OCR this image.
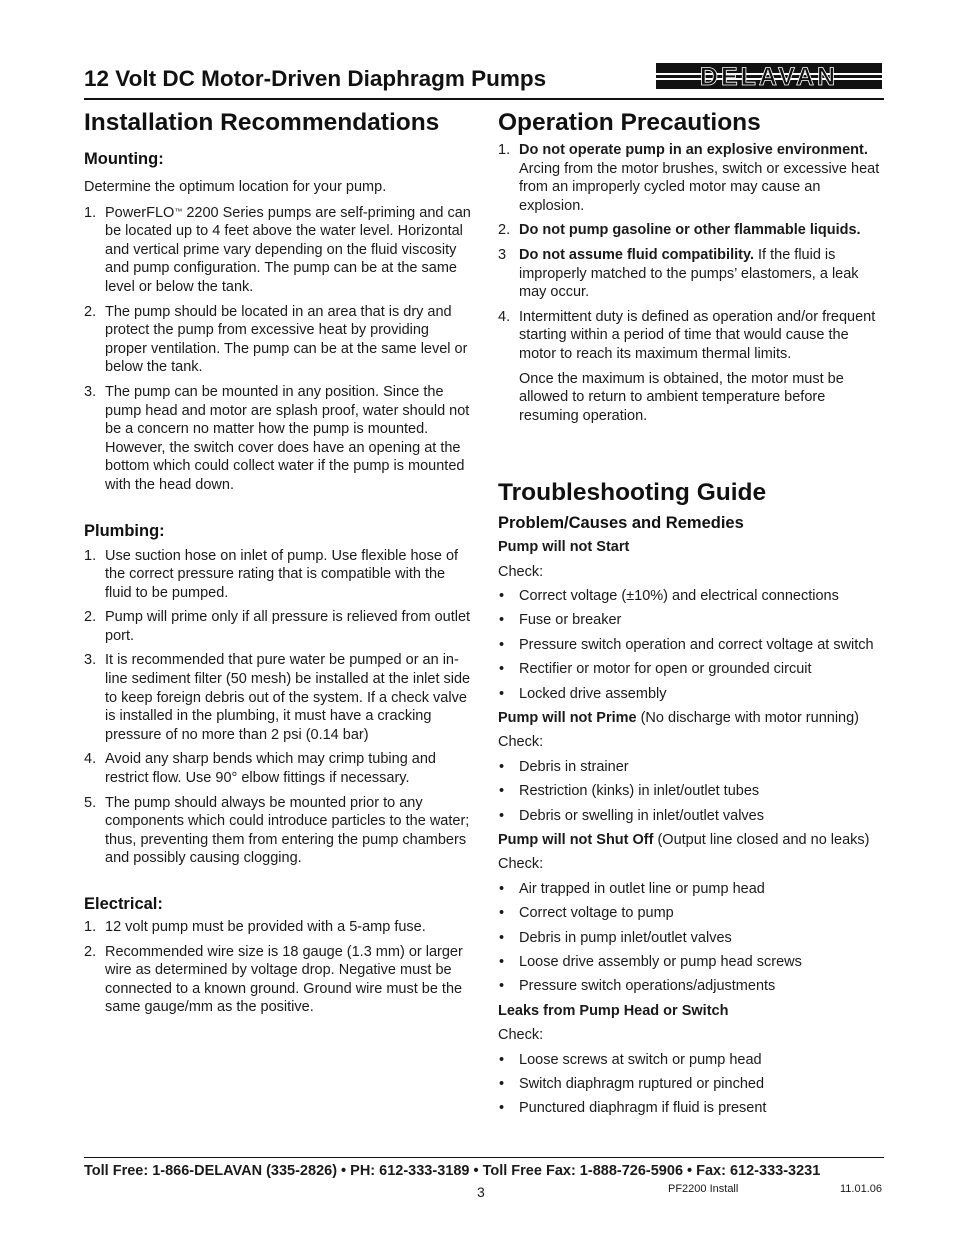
12 Volt DC Motor-Driven Diaphragm Pumps	DELAVAN
Installation Recommendations
Mounting:

Determine the optimum location for your pump.

1. PowerFLO™ 2200 Series pumps are self-priming and can be located up to 4 feet above the water level. Horizontal and vertical prime vary depending on the fluid viscosity and pump configuration. The pump can be at the same level or below the tank.
2. The pump should be located in an area that is dry and protect the pump from excessive heat by providing proper ventilation. The pump can be at the same level or below the tank.
3. The pump can be mounted in any position. Since the pump head and motor are splash proof, water should not be a concern no matter how the pump is mounted. However, the switch cover does have an opening at the bottom which could collect water if the pump is mounted with the head down.
Plumbing:
1. Use suction hose on inlet of pump. Use flexible hose of the correct pressure rating that is compatible with the fluid to be pumped.
2. Pump will prime only if all pressure is relieved from outlet port.
3. It is recommended that pure water be pumped or an in-line sediment filter (50 mesh) be installed at the inlet side to keep foreign debris out of the system. If a check valve is installed in the plumbing, it must have a cracking pressure of no more than 2 psi (0.14 bar)
4. Avoid any sharp bends which may crimp tubing and restrict flow. Use 90° elbow fittings if necessary.
5. The pump should always be mounted prior to any components which could introduce particles to the water; thus, preventing them from entering the pump chambers and possibly causing clogging.
Electrical:
1. 12 volt pump must be provided with a 5-amp fuse.
2. Recommended wire size is 18 gauge (1.3 mm) or larger wire as determined by voltage drop. Negative must be connected to a known ground. Ground wire must be the same gauge/mm as the positive.
Operation Precautions
1. Do not operate pump in an explosive environment. Arcing from the motor brushes, switch or excessive heat from an improperly cycled motor may cause an explosion.
2. Do not pump gasoline or other flammable liquids.
3 Do not assume fluid compatibility. If the fluid is improperly matched to the pumps’ elastomers, a leak may occur.
4. Intermittent duty is defined as operation and/or frequent starting within a period of time that would cause the motor to reach its maximum thermal limits.

Once the maximum is obtained, the motor must be allowed to return to ambient temperature before resuming operation.

Troubleshooting Guide
Problem/Causes and Remedies

Pump will not Start

Check:

• Correct voltage (±10%) and electrical connections
• Fuse or breaker
• Pressure switch operation and correct voltage at switch
• Rectifier or motor for open or grounded circuit
• Locked drive assembly

Pump will not Prime (No discharge with motor running)

Check:

• Debris in strainer
• Restriction (kinks) in inlet/outlet tubes
• Debris or swelling in inlet/outlet valves

Pump will not Shut Off (Output line closed and no leaks)

Check:

• Air trapped in outlet line or pump head
• Correct voltage to pump
• Debris in pump inlet/outlet valves
• Loose drive assembly or pump head screws
• Pressure switch operations/adjustments

Leaks from Pump Head or Switch

Check:

• Loose screws at switch or pump head
• Switch diaphragm ruptured or pinched
• Punctured diaphragm if fluid is present
Toll Free: 1-866-DELAVAN (335-2826) • PH: 612-333-3189 • Toll Free Fax: 1-888-726-5906 • Fax: 612-333-3231
3	PF2200 Install	11.01.06
